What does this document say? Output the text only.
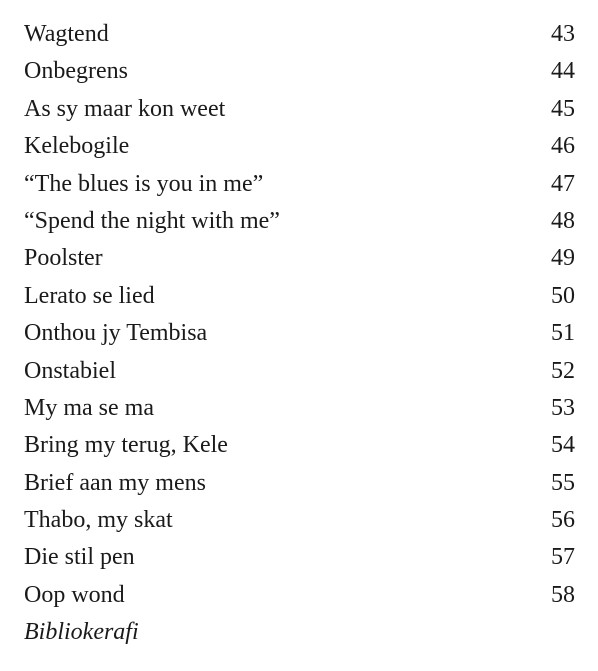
Wagtend	43
Onbegrens	44
As sy maar kon weet	45
Kelebogile	46
“The blues is you in me”	47
“Spend the night with me”	48
Poolster	49
Lerato se lied	50
Onthou jy Tembisa	51
Onstabiel	52
My ma se ma	53
Bring my terug, Kele	54
Brief aan my mens	55
Thabo, my skat	56
Die stil pen	57
Oop wond	58
Bibliokerafi
